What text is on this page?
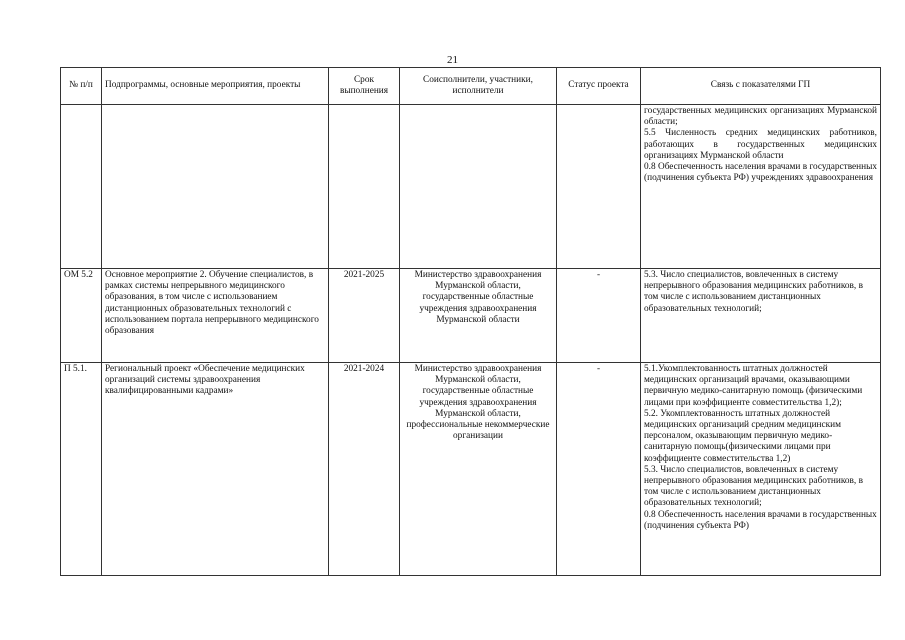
21
№ п/п	Подпрограммы, основные мероприятия, проекты	Срок выполнения	Соисполнители, участники, исполнители	Статус проекта	Связь с показателями ГП

					государственных медицинских организациях Мурманской области;
5.5 Численность средних медицинских работников, работающих в государственных медицинских организациях Мурманской области
0.8 Обеспеченность населения врачами в государственных (подчинения субъекта РФ) учреждениях здравоохранения

ОМ 5.2	Основное мероприятие 2. Обучение специалистов, в рамках системы непрерывного медицинского образования, в том числе с использованием дистанционных образовательных технологий с использованием портала непрерывного медицинского образования	2021-2025	Министерство здравоохранения Мурманской области, государственные областные учреждения здравоохранения Мурманской области	-	5.3. Число специалистов, вовлеченных в систему непрерывного образования медицинских работников, в том числе с использованием дистанционных образовательных технологий;

П 5.1.	Региональный проект «Обеспечение медицинских организаций системы здравоохранения квалифицированными кадрами»	2021-2024	Министерство здравоохранения Мурманской области, государственные областные учреждения здравоохранения Мурманской области, профессиональные некоммерческие организации	-	5.1.Укомплектованность штатных должностей медицинских организаций врачами, оказывающими первичную медико-санитарную помощь (физическими лицами при коэффициенте совместительства 1,2);
5.2. Укомплектованность штатных должностей медицинских организаций средним медицинским персоналом, оказывающим первичную медико-санитарную помощь(физическими лицами при коэффициенте совместительства 1,2)
5.3. Число специалистов, вовлеченных в систему непрерывного образования медицинских работников, в том числе с использованием дистанционных образовательных технологий;
0.8 Обеспеченность населения врачами в государственных (подчинения субъекта РФ)
